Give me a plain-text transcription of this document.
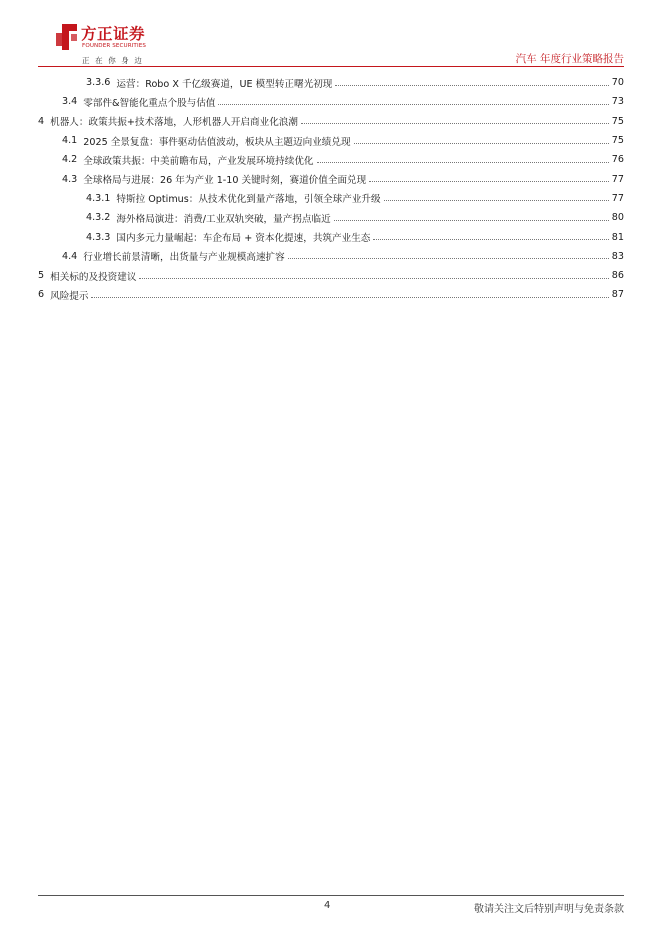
方正证券
FOUNDER SECURITIES
正在你身边	汽车 年度行业策略报告
3.3.6 运营：Robo X 千亿级赛道，UE 模型转正曙光初现	70
3.4 零部件&智能化重点个股与估值	73
4 机器人：政策共振+技术落地，人形机器人开启商业化浪潮	75
4.1 2025 全景复盘：事件驱动估值波动，板块从主题迈向业绩兑现	75
4.2 全球政策共振：中美前瞻布局，产业发展环境持续优化	76
4.3 全球格局与进展：26 年为产业 1-10 关键时刻，赛道价值全面兑现	77
4.3.1 特斯拉 Optimus：从技术优化到量产落地，引领全球产业升级	77
4.3.2 海外格局演进：消费/工业双轨突破，量产拐点临近	80
4.3.3 国内多元力量崛起：车企布局 + 资本化提速，共筑产业生态	81
4.4 行业增长前景清晰，出货量与产业规模高速扩容	83
5 相关标的及投资建议	86
6 风险提示	87
4	敬请关注文后特别声明与免责条款
